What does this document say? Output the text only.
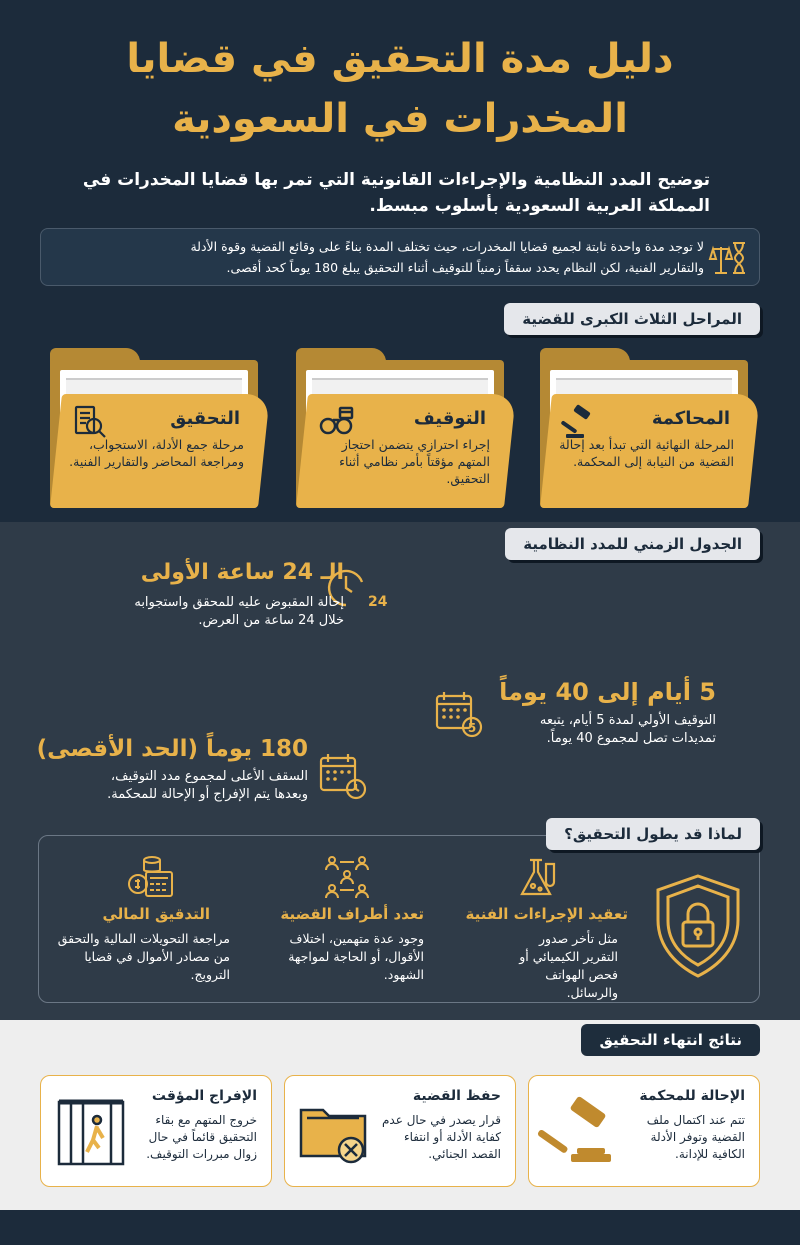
دليل مدة التحقيق في قضايا
المخدرات في السعودية
توضيح المدد النظامية والإجراءات القانونية التي تمر بها قضايا المخدرات في
المملكة العربية السعودية بأسلوب مبسط.

لا توجد مدة واحدة ثابتة لجميع قضايا المخدرات، حيث تختلف المدة بناءً على وقائع القضية وقوة الأدلة
والتقارير الفنية، لكن النظام يحدد سقفاً زمنياً للتوقيف أثناء التحقيق يبلغ 180 يوماً كحد أقصى.

المراحل الثلاث الكبرى للقضية
المحاكمة
المرحلة النهائية التي تبدأ بعد إحالة القضية من النيابة إلى المحكمة.
التوقيف
إجراء احترازي يتضمن احتجاز المتهم مؤقتاً بأمر نظامي أثناء التحقيق.
التحقيق
مرحلة جمع الأدلة، الاستجواب، ومراجعة المحاضر والتقارير الفنية.
الجدول الزمني للمدد النظامية
24
الـ 24 ساعة الأولى
إحالة المقبوض عليه للمحقق واستجوابه
خلال 24 ساعة من العرض.
5
5 أيام إلى 40 يوماً
التوقيف الأولي لمدة 5 أيام، يتبعه
تمديدات تصل لمجموع 40 يوماً.
180 يوماً (الحد الأقصى)
السقف الأعلى لمجموع مدد التوقيف،
وبعدها يتم الإفراج أو الإحالة للمحكمة.
لماذا قد يطول التحقيق؟
تعقيد الإجراءات الفنية
مثل تأخر صدور التقرير الكيميائي أو فحص الهواتف والرسائل.
تعدد أطراف القضية
وجود عدة متهمين، اختلاف الأقوال، أو الحاجة لمواجهة الشهود.
التدقيق المالي
مراجعة التحويلات المالية والتحقق من مصادر الأموال في قضايا الترويج.
نتائج انتهاء التحقيق
الإحالة للمحكمة
تتم عند اكتمال ملف القضية وتوفر الأدلة الكافية للإدانة.
حفظ القضية
قرار يصدر في حال عدم كفاية الأدلة أو انتفاء القصد الجنائي.
الإفراج المؤقت
خروج المتهم مع بقاء التحقيق قائماً في حال زوال مبررات التوقيف.
